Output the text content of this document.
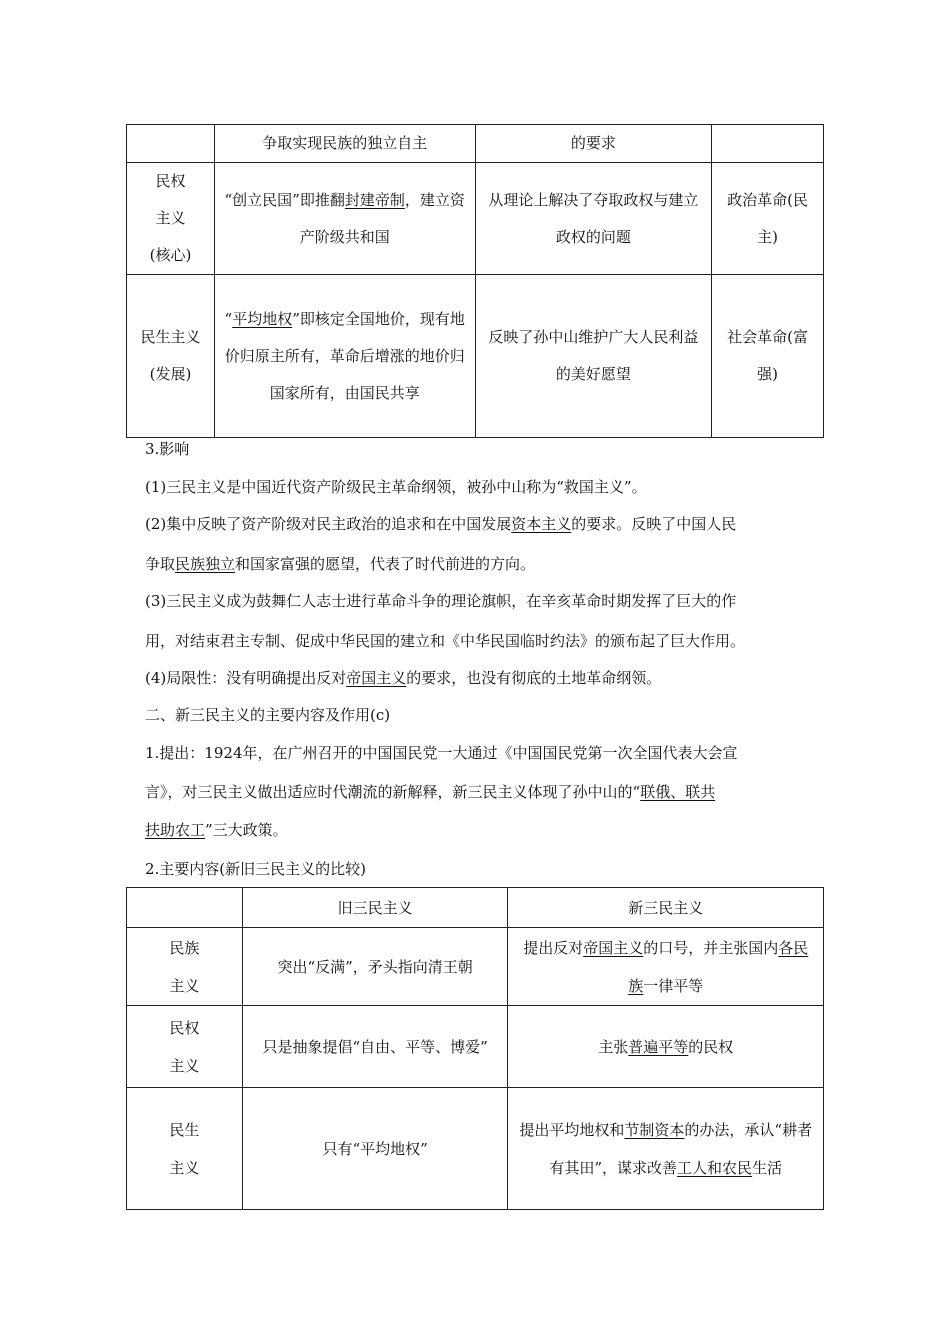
	争取实现民族的独立自主	的要求	

民权
主义
(核心)	“创立民国”即推翻封建帝制，建立资产阶级共和国	从理论上解决了夺取政权与建立政权的问题	政治革命(民主)

民生主义
(发展)	“平均地权”即核定全国地价，现有地价归原主所有，革命后增涨的地价归国家所有，由国民共享	反映了孙中山维护广大人民利益的美好愿望	社会革命(富强)
3.影响
(1)三民主义是中国近代资产阶级民主革命纲领，被孙中山称为“救国主义”。
(2)集中反映了资产阶级对民主政治的追求和在中国发展资本主义的要求。反映了中国人民
争取民族独立和国家富强的愿望，代表了时代前进的方向。
(3)三民主义成为鼓舞仁人志士进行革命斗争的理论旗帜，在辛亥革命时期发挥了巨大的作
用，对结束君主专制、促成中华民国的建立和《中华民国临时约法》的颁布起了巨大作用。
(4)局限性：没有明确提出反对帝国主义的要求，也没有彻底的土地革命纲领。
二、新三民主义的主要内容及作用(c)
1.提出：1924年，在广州召开的中国国民党一大通过《中国国民党第一次全国代表大会宣
言》，对三民主义做出适应时代潮流的新解释，新三民主义体现了孙中山的“联俄、联共
扶助农工”三大政策。
2.主要内容(新旧三民主义的比较)
	旧三民主义	新三民主义

民族
主义	突出“反满”，矛头指向清王朝	提出反对帝国主义的口号，并主张国内各民族一律平等

民权
主义	只是抽象提倡“自由、平等、博爱”	主张普遍平等的民权

民生
主义	只有“平均地权”	提出平均地权和节制资本的办法，承认“耕者有其田”，谋求改善工人和农民生活
